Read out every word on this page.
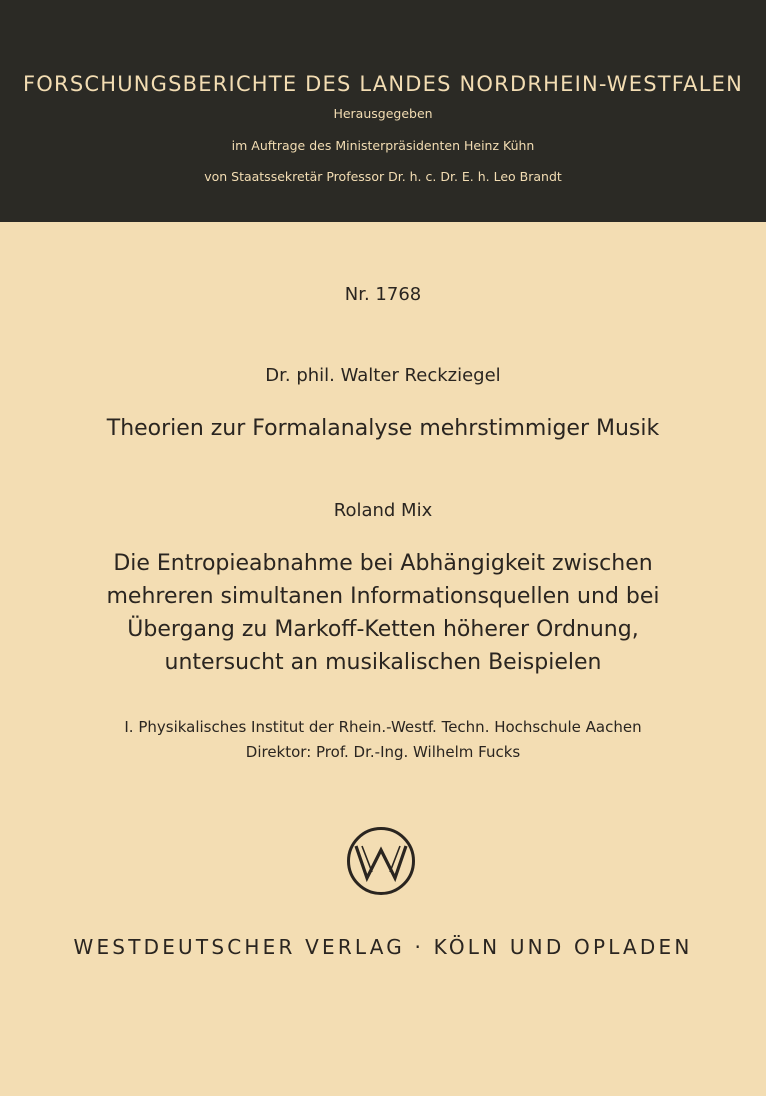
FORSCHUNGSBERICHTE DES LANDES NORDRHEIN-WESTFALEN
Herausgegeben
im Auftrage des Ministerpräsidenten Heinz Kühn
von Staatssekretär Professor Dr. h. c. Dr. E. h. Leo Brandt
Nr. 1768
Dr. phil. Walter Reckziegel
Theorien zur Formalanalyse mehrstimmiger Musik
Roland Mix
Die Entropieabnahme bei Abhängigkeit zwischen
mehreren simultanen Informationsquellen und bei
Übergang zu Markoff-Ketten höherer Ordnung,
untersucht an musikalischen Beispielen
I. Physikalisches Institut der Rhein.-Westf. Techn. Hochschule Aachen
Direktor: Prof. Dr.-Ing. Wilhelm Fucks
WESTDEUTSCHER VERLAG · KÖLN UND OPLADEN
